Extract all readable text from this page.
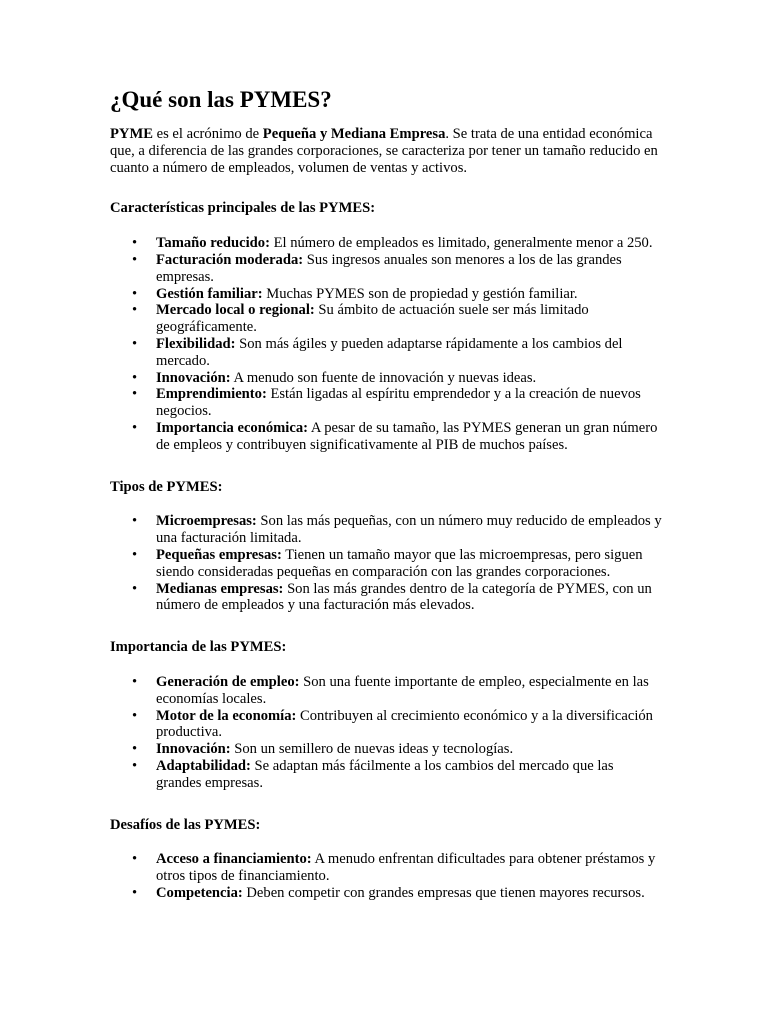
¿Qué son las PYMES?

PYME es el acrónimo de Pequeña y Mediana Empresa. Se trata de una entidad económica que, a diferencia de las grandes corporaciones, se caracteriza por tener un tamaño reducido en cuanto a número de empleados, volumen de ventas y activos.

Características principales de las PYMES:
• Tamaño reducido: El número de empleados es limitado, generalmente menor a 250.
• Facturación moderada: Sus ingresos anuales son menores a los de las grandes empresas.
• Gestión familiar: Muchas PYMES son de propiedad y gestión familiar.
• Mercado local o regional: Su ámbito de actuación suele ser más limitado geográficamente.
• Flexibilidad: Son más ágiles y pueden adaptarse rápidamente a los cambios del mercado.
• Innovación: A menudo son fuente de innovación y nuevas ideas.
• Emprendimiento: Están ligadas al espíritu emprendedor y a la creación de nuevos negocios.
• Importancia económica: A pesar de su tamaño, las PYMES generan un gran número de empleos y contribuyen significativamente al PIB de muchos países.
Tipos de PYMES:
• Microempresas: Son las más pequeñas, con un número muy reducido de empleados y una facturación limitada.
• Pequeñas empresas: Tienen un tamaño mayor que las microempresas, pero siguen siendo consideradas pequeñas en comparación con las grandes corporaciones.
• Medianas empresas: Son las más grandes dentro de la categoría de PYMES, con un número de empleados y una facturación más elevados.
Importancia de las PYMES:
• Generación de empleo: Son una fuente importante de empleo, especialmente en las economías locales.
• Motor de la economía: Contribuyen al crecimiento económico y a la diversificación productiva.
• Innovación: Son un semillero de nuevas ideas y tecnologías.
• Adaptabilidad: Se adaptan más fácilmente a los cambios del mercado que las grandes empresas.
Desafíos de las PYMES:
• Acceso a financiamiento: A menudo enfrentan dificultades para obtener préstamos y otros tipos de financiamiento.
• Competencia: Deben competir con grandes empresas que tienen mayores recursos.
